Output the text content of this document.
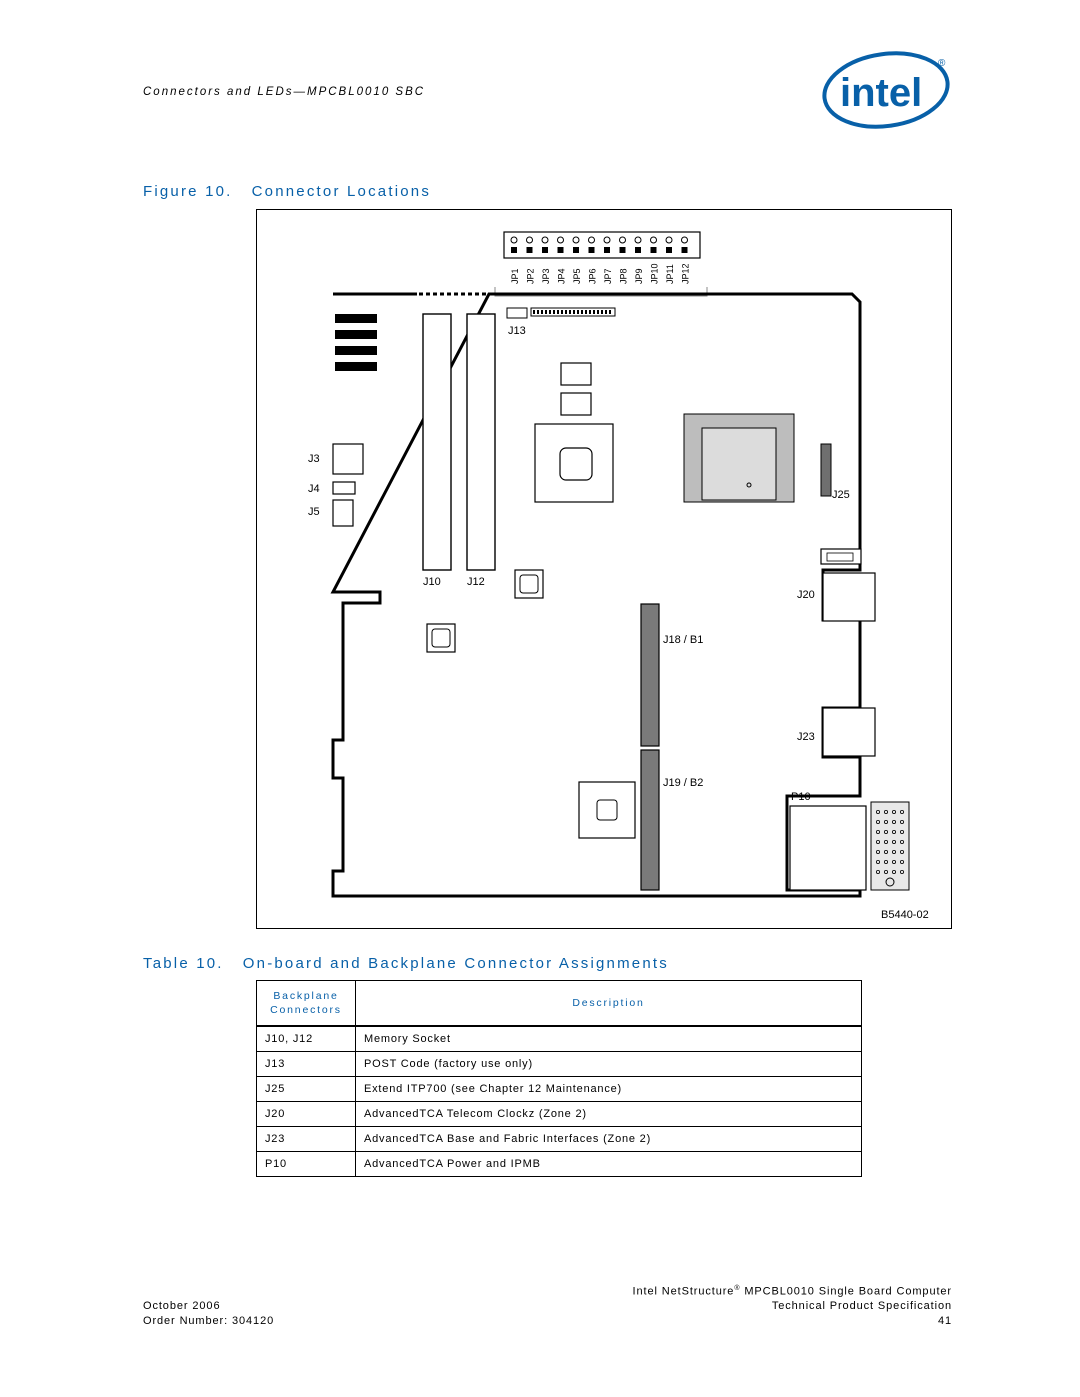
Connectors and LEDs—MPCBL0010 SBC	intel
®
Figure 10.   Connector Locations
JP1 JP2 JP3 JP4 JP5 JP6 JP7 JP8 JP9 JP10 JP11 JP12
J3
J4
J5
J10 J12
J13
J25
J20
J18 / B1
J19 / B2
J23
P10
B5440-02
Table 10.   On-board and Backplane Connector Assignments
Backplane Connectors	Description
J10, J12	Memory Socket
J13	POST Code (factory use only)
J25	Extend ITP700 (see Chapter 12 Maintenance)
J20	AdvancedTCA Telecom Clockz (Zone 2)
J23	AdvancedTCA Base and Fabric Interfaces (Zone 2)
P10	AdvancedTCA Power and IPMB
Intel NetStructure® MPCBL0010 Single Board Computer
October 2006	Technical Product Specification
Order Number: 304120	41
